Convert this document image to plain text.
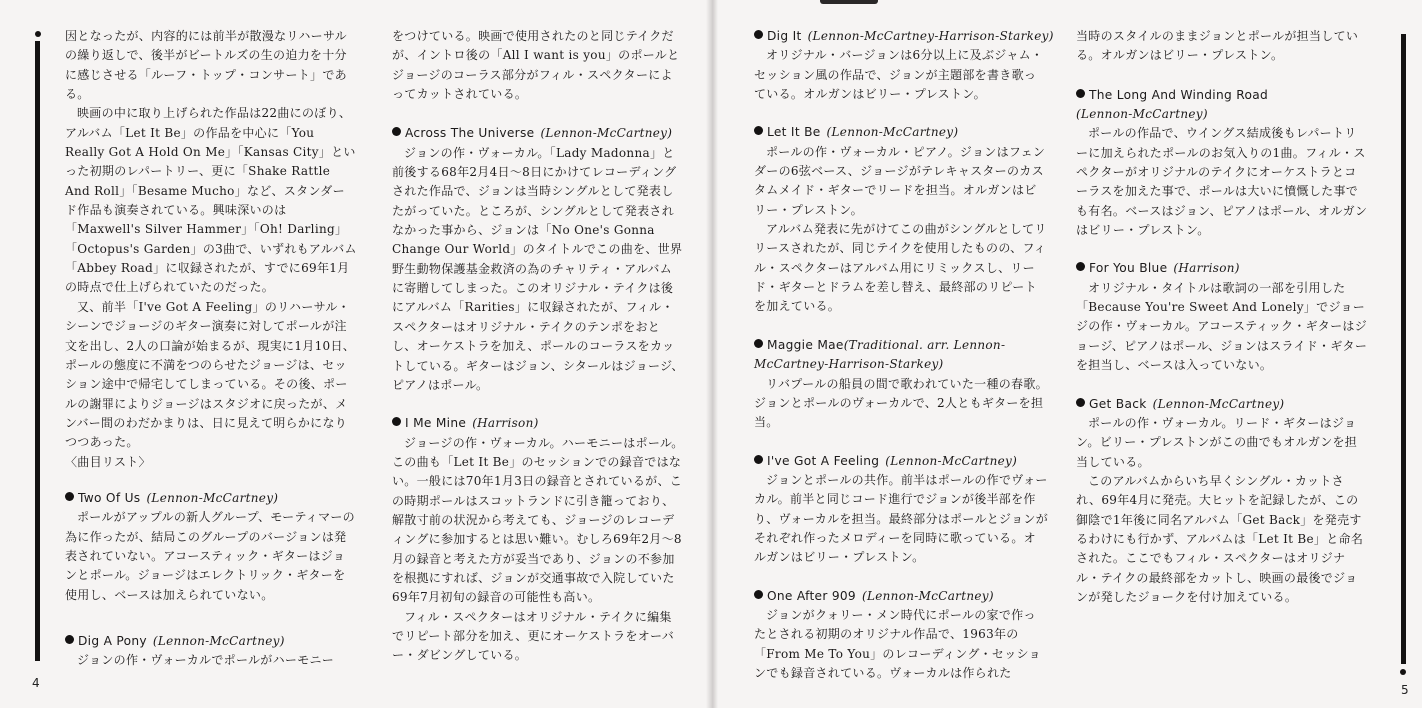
4	5

因となったが、内容的には前半が散漫なリハーサルの繰り返しで、後半がビートルズの生の迫力を十分に感じさせる「ルーフ・トップ・コンサート」である。

映画の中に取り上げられた作品は22曲にのぼり、アルバム「Let It Be」の作品を中心に「You Really Got A Hold On Me」「Kansas City」といった初期のレパートリー、更に「Shake Rattle And Roll」「Besame Mucho」など、スタンダード作品も演奏されている。興味深いのは「Maxwell's Silver Hammer」「Oh! Darling」「Octopus's Garden」の3曲で、いずれもアルバム「Abbey Road」に収録されたが、すでに69年1月の時点で仕上げられていたのだった。

又、前半「I've Got A Feeling」のリハーサル・シーンでジョージのギター演奏に対してポールが注文を出し、2人の口論が始まるが、現実に1月10日、ポールの態度に不満をつのらせたジョージは、セッション途中で帰宅してしまっている。その後、ポールの謝罪によりジョージはスタジオに戻ったが、メンバー間のわだかまりは、日に見えて明らかになりつつあった。

〈曲目リスト〉

Two Of Us (Lennon-McCartney)

ポールがアップルの新人グループ、モーティマーの為に作ったが、結局このグループのバージョンは発表されていない。アコースティック・ギターはジョンとポール。ジョージはエレクトリック・ギターを使用し、ベースは加えられていない。

Dig A Pony (Lennon-McCartney)

ジョンの作・ヴォーカルでポールがハーモニー

をつけている。映画で使用されたのと同じテイクだが、イントロ後の「All I want is you」のポールとジョージのコーラス部分がフィル・スペクターによってカットされている。

Across The Universe (Lennon-McCartney)

ジョンの作・ヴォーカル。「Lady Madonna」と前後する68年2月4日〜8日にかけてレコーディングされた作品で、ジョンは当時シングルとして発表したがっていた。ところが、シングルとして発表されなかった事から、ジョンは「No One's Gonna Change Our World」のタイトルでこの曲を、世界野生動物保護基金救済の為のチャリティ・アルバムに寄贈してしまった。このオリジナル・テイクは後にアルバム「Rarities」に収録されたが、フィル・スペクターはオリジナル・テイクのテンポをおとし、オーケストラを加え、ポールのコーラスをカットしている。ギターはジョン、シタールはジョージ、ピアノはポール。

I Me Mine (Harrison)

ジョージの作・ヴォーカル。ハーモニーはポール。この曲も「Let It Be」のセッションでの録音ではない。一般には70年1月3日の録音とされているが、この時期ポールはスコットランドに引き籠っており、解散寸前の状況から考えても、ジョージのレコーディングに参加するとは思い難い。むしろ69年2月〜8月の録音と考えた方が妥当であり、ジョンの不参加を根拠にすれば、ジョンが交通事故で入院していた69年7月初旬の録音の可能性も高い。

フィル・スペクターはオリジナル・テイクに編集でリピート部分を加え、更にオーケストラをオーバー・ダビングしている。

Dig It (Lennon-McCartney-Harrison-Starkey)

オリジナル・バージョンは6分以上に及ぶジャム・セッション風の作品で、ジョンが主題部を書き歌っている。オルガンはビリー・プレストン。

Let It Be (Lennon-McCartney)

ポールの作・ヴォーカル・ピアノ。ジョンはフェンダーの6弦ベース、ジョージがテレキャスターのカスタムメイド・ギターでリードを担当。オルガンはビリー・プレストン。

アルバム発表に先がけてこの曲がシングルとしてリリースされたが、同じテイクを使用したものの、フィル・スペクターはアルバム用にリミックスし、リード・ギターとドラムを差し替え、最終部のリピートを加えている。

Maggie Mae(Traditional. arr. Lennon-McCartney-Harrison-Starkey)

リバプールの船員の間で歌われていた一種の春歌。ジョンとポールのヴォーカルで、2人ともギターを担当。

I've Got A Feeling (Lennon-McCartney)

ジョンとポールの共作。前半はポールの作でヴォーカル。前半と同じコード進行でジョンが後半部を作り、ヴォーカルを担当。最終部分はポールとジョンがそれぞれ作ったメロディーを同時に歌っている。オルガンはビリー・プレストン。

One After 909 (Lennon-McCartney)

ジョンがクォリー・メン時代にポールの家で作ったとされる初期のオリジナル作品で、1963年の「From Me To You」のレコーディング・セッションでも録音されている。ヴォーカルは作られた

当時のスタイルのままジョンとポールが担当している。オルガンはビリー・プレストン。

The Long And Winding Road

(Lennon-McCartney)

ポールの作品で、ウイングス結成後もレパートリーに加えられたポールのお気入りの1曲。フィル・スペクターがオリジナルのテイクにオーケストラとコーラスを加えた事で、ポールは大いに憤慨した事でも有名。ベースはジョン、ピアノはポール、オルガンはビリー・プレストン。

For You Blue (Harrison)

オリジナル・タイトルは歌詞の一部を引用した「Because You're Sweet And Lonely」でジョージの作・ヴォーカル。アコースティック・ギターはジョージ、ピアノはポール、ジョンはスライド・ギターを担当し、ベースは入っていない。

Get Back (Lennon-McCartney)

ポールの作・ヴォーカル。リード・ギターはジョン。ビリー・プレストンがこの曲でもオルガンを担当している。

このアルバムからいち早くシングル・カットされ、69年4月に発売。大ヒットを記録したが、この御陰で1年後に同名アルバム「Get Back」を発売するわけにも行かず、アルバムは「Let It Be」と命名された。ここでもフィル・スペクターはオリジナル・テイクの最終部をカットし、映画の最後でジョンが発したジョークを付け加えている。
